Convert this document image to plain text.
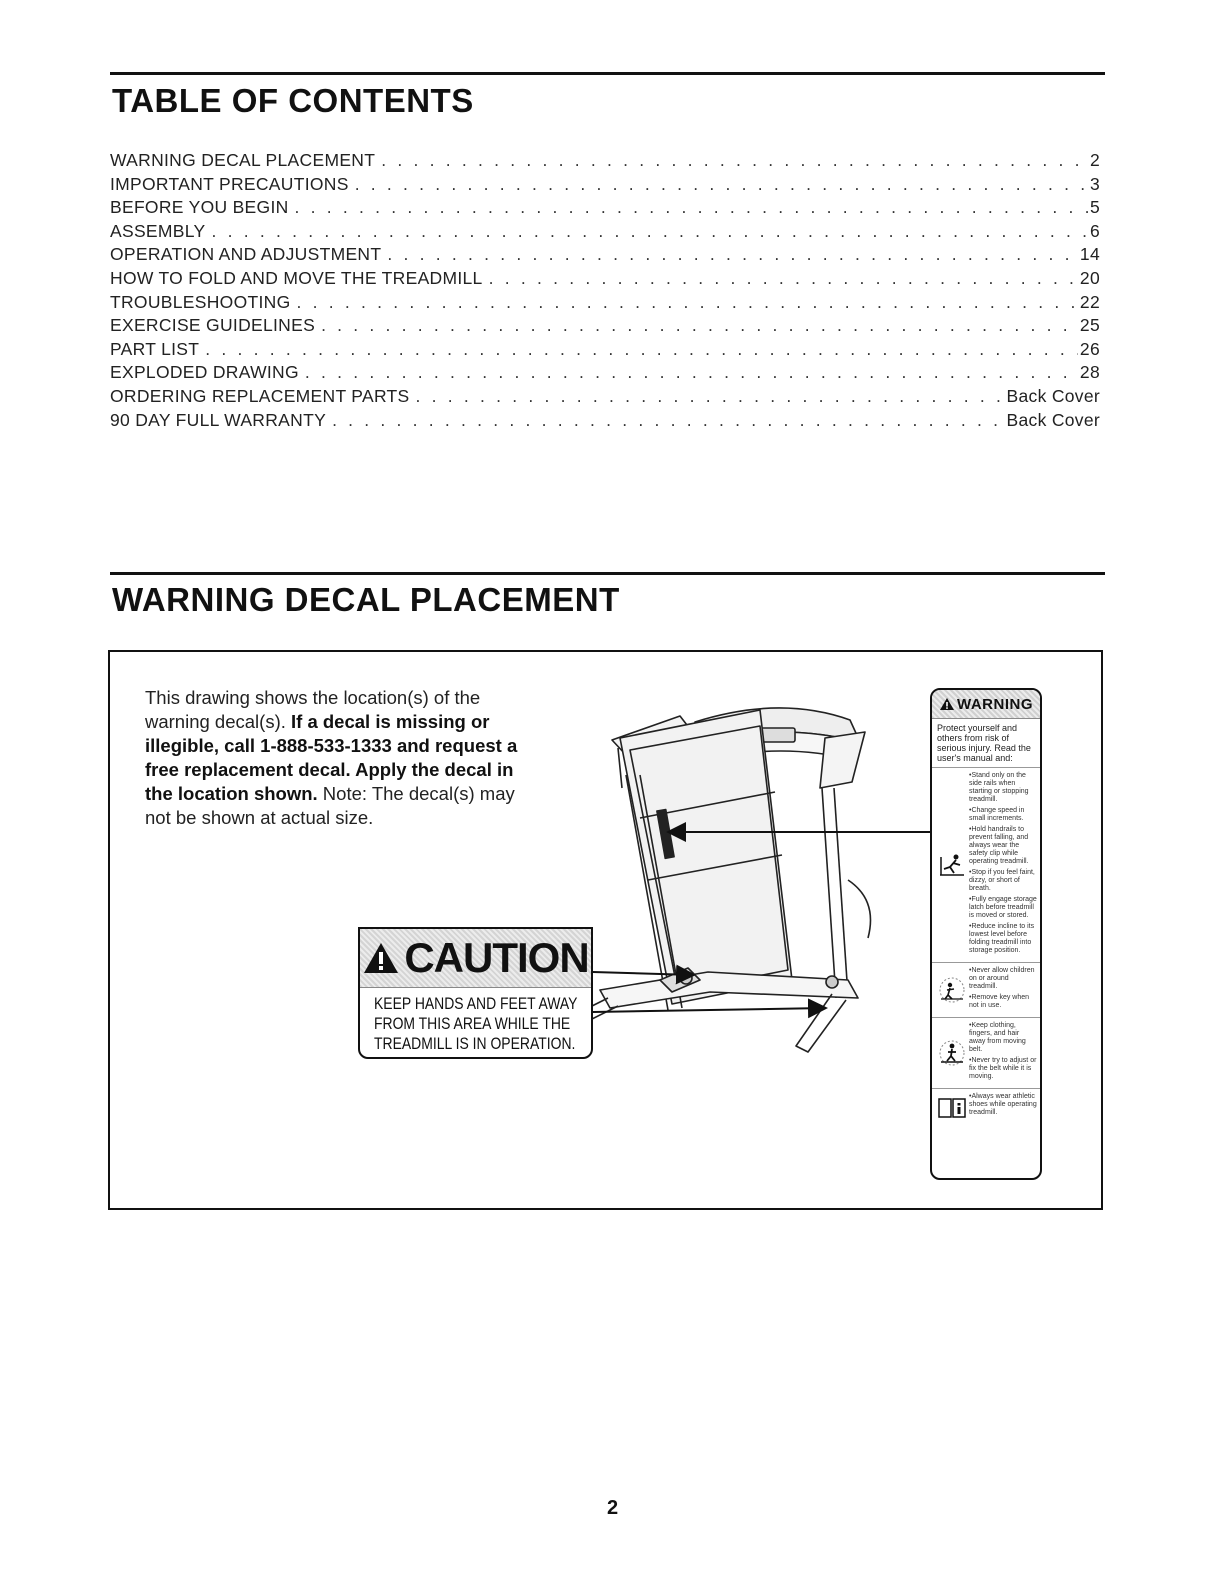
TABLE OF CONTENTS
WARNING DECAL PLACEMENT . . .	2
IMPORTANT PRECAUTIONS . . .	3
BEFORE YOU BEGIN . . .	5
ASSEMBLY . . .	6
OPERATION AND ADJUSTMENT . . .	14
HOW TO FOLD AND MOVE THE TREADMILL . . .	20
TROUBLESHOOTING . . .	22
EXERCISE GUIDELINES . . .	25
PART LIST . . .	26
EXPLODED DRAWING . . .	28
ORDERING REPLACEMENT PARTS . . .	Back Cover
90 DAY FULL WARRANTY . . .	Back Cover
WARNING DECAL PLACEMENT

This drawing shows the location(s) of the warning decal(s). If a decal is missing or illegible, call 1-888-533-1333 and request a free replacement decal. Apply the decal in the location shown. Note: The decal(s) may not be shown at actual size.

CAUTION
KEEP HANDS AND FEET AWAY
FROM THIS AREA WHILE THE
TREADMILL IS IN OPERATION.
WARNING

Protect yourself and others from risk of serious injury. Read the user's manual and:

•Stand only on the side rails when starting or stopping treadmill.
•Change speed in small increments.
•Hold handrails to prevent falling, and always wear the safety clip while operating treadmill.
•Stop if you feel faint, dizzy, or short of breath.
•Fully engage storage latch before treadmill is moved or stored.
•Reduce incline to its lowest level before folding treadmill into storage position.
•Never allow children on or around treadmill.
•Remove key when not in use.
•Keep clothing, fingers, and hair away from moving belt.
•Never try to adjust or fix the belt while it is moving.
•Always wear athletic shoes while operating treadmill.
2
